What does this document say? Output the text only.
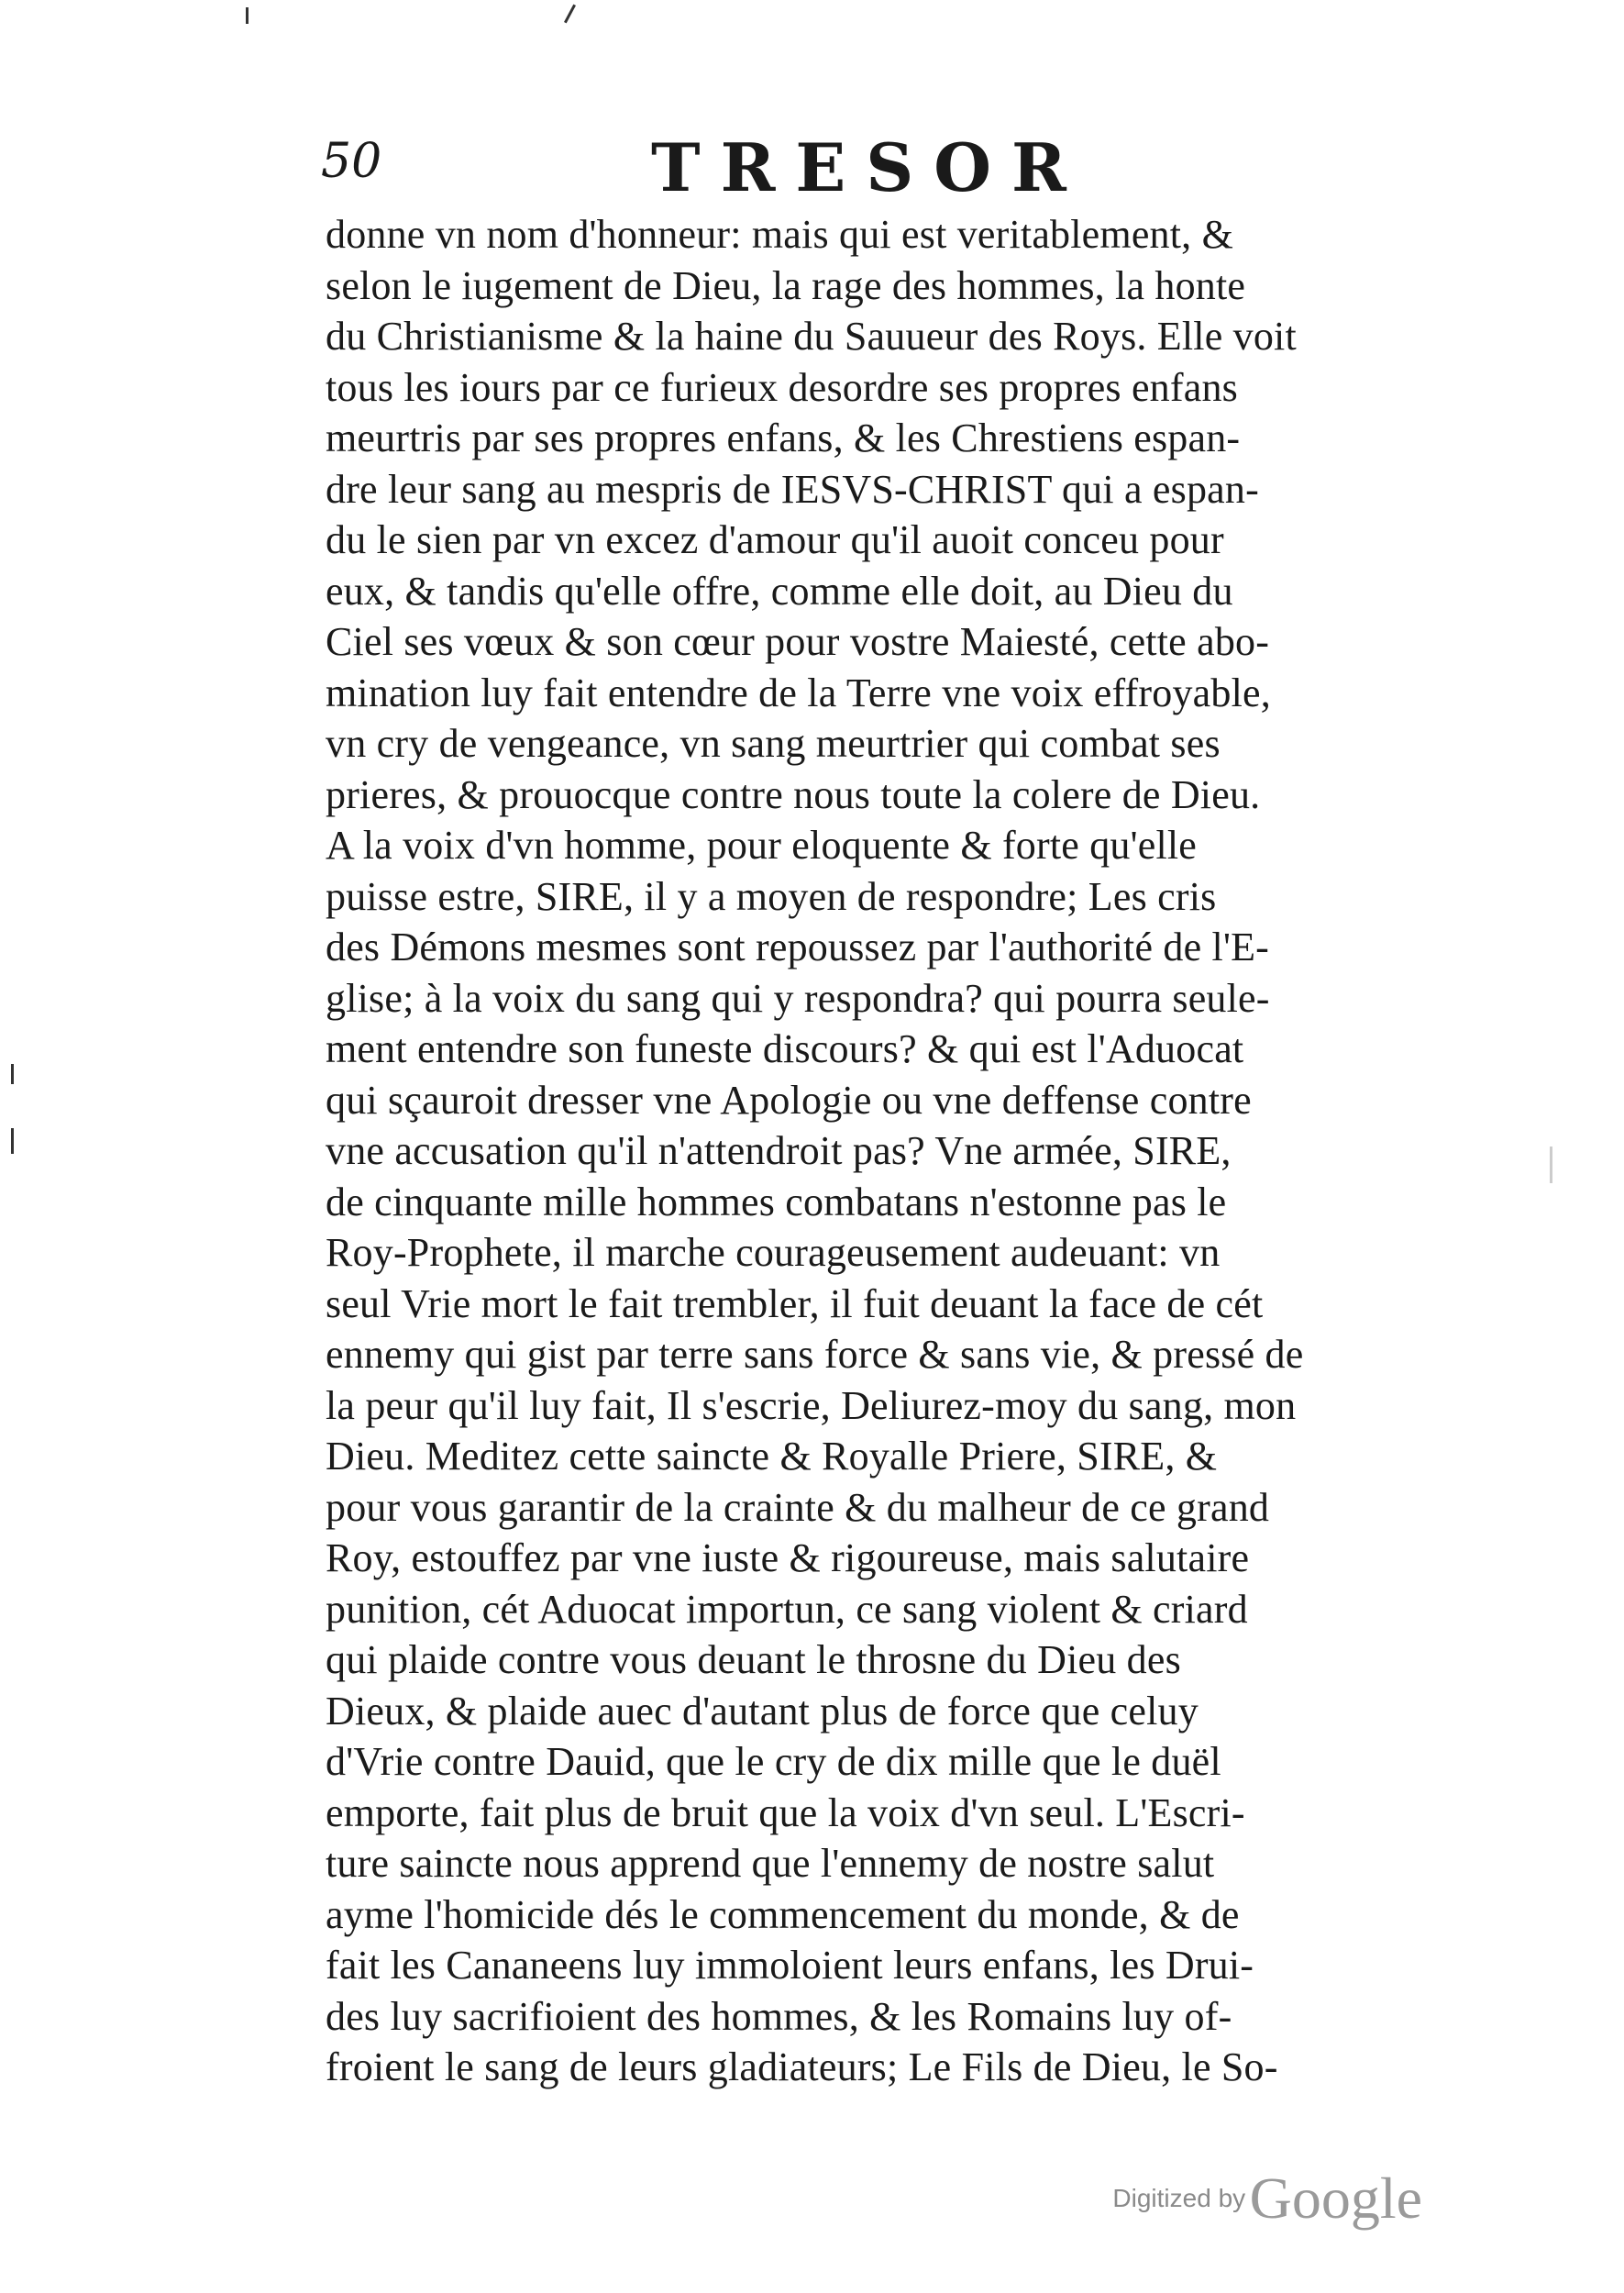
50	TRESOR
donne vn nom d'honneur: mais qui est veritablement, &
selon le iugement de Dieu, la rage des hommes, la honte
du Christianisme & la haine du Sauueur des Roys. Elle voit
tous les iours par ce furieux desordre ses propres enfans
meurtris par ses propres enfans, & les Chrestiens espan-
dre leur sang au mespris de IESVS-CHRIST qui a espan-
du le sien par vn excez d'amour qu'il auoit conceu pour
eux, & tandis qu'elle offre, comme elle doit, au Dieu du
Ciel ses vœux & son cœur pour vostre Maiesté, cette abo-
mination luy fait entendre de la Terre vne voix effroyable,
vn cry de vengeance, vn sang meurtrier qui combat ses
prieres, & prouocque contre nous toute la colere de Dieu.
A la voix d'vn homme, pour eloquente & forte qu'elle
puisse estre, SIRE, il y a moyen de respondre; Les cris
des Démons mesmes sont repoussez par l'authorité de l'E-
glise; à la voix du sang qui y respondra? qui pourra seule-
ment entendre son funeste discours? & qui est l'Aduocat
qui sçauroit dresser vne Apologie ou vne deffense contre
vne accusation qu'il n'attendroit pas? Vne armée, SIRE,
de cinquante mille hommes combatans n'estonne pas le
Roy-Prophete, il marche courageusement audeuant: vn
seul Vrie mort le fait trembler, il fuit deuant la face de cét
ennemy qui gist par terre sans force & sans vie, & pressé de
la peur qu'il luy fait, Il s'escrie, Deliurez-moy du sang, mon
Dieu. Meditez cette saincte & Royalle Priere, SIRE, &
pour vous garantir de la crainte & du malheur de ce grand
Roy, estouffez par vne iuste & rigoureuse, mais salutaire
punition, cét Aduocat importun, ce sang violent & criard
qui plaide contre vous deuant le throsne du Dieu des
Dieux, & plaide auec d'autant plus de force que celuy
d'Vrie contre Dauid, que le cry de dix mille que le duël
emporte, fait plus de bruit que la voix d'vn seul. L'Escri-
ture saincte nous apprend que l'ennemy de nostre salut
ayme l'homicide dés le commencement du monde, & de
fait les Cananeens luy immoloient leurs enfans, les Drui-
des luy sacrifioient des hommes, & les Romains luy of-
froient le sang de leurs gladiateurs; Le Fils de Dieu, le So-
Digitized by Google
